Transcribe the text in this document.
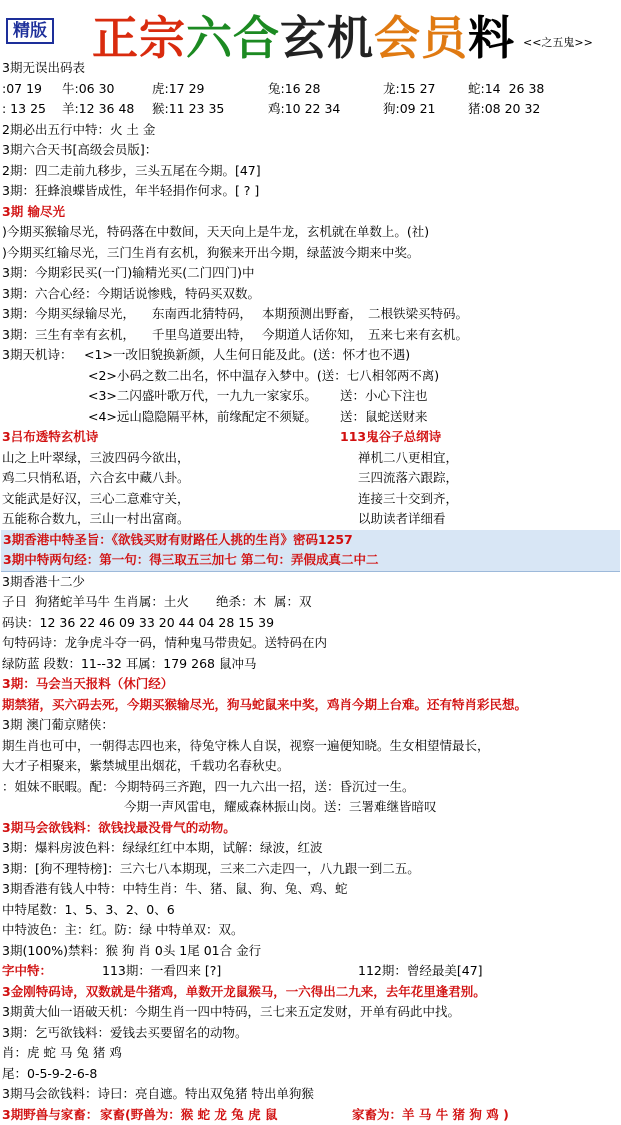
精版 正宗六合玄机会员料 <<之五鬼>>
3期无误出码表
:07 19 牛:06 30	虎:17 29	兔:16 28	龙:15 27	蛇:14  26 38
: 13 25 羊:12 36 48 猴:11 23 35	鸡:10 22 34	狗:09 21	猪:08 20 32
2期必出五行中特：火 土 金
3期六合天书[高级会员版]：
2期：四二走前九移步，三头五尾在今期。[47]
3期：狂蜂浪蝶皆成性，年半轻捐作何求。[ ? ]
3期 输尽光
)今期买猴输尽光，特码落在中数间，天天向上是牛龙，玄机就在单数上。(社)
)今期买红输尽光，三门生肖有玄机，狗猴来开出今期，绿蓝波今期来中奖。
3期：今期彩民买(一门)输精光买(二门四门)中
3期：六合心经：今期话说惨贱，特码买双数。
3期：今期买绿输尽光， 东南西北猜特码， 本期预测出野畜， 二根铁梁买特码。
3期：三生有幸有玄机， 千里鸟道要出特， 今期道人话你知， 五来七来有玄机。
3期天机诗： <1>一改旧貌换新颜，人生何日能及此。(送：怀才也不遇)
<2>小码之数二出名，怀中温存入梦中。(送：七八相邻两不离)
<3>二闪盛叶歌万代，一九九一家家乐。 送：小心下注也
<4>远山隐隐隔平林，前缘配定不须疑。 送：鼠蛇送财来
3吕布透特玄机诗	113鬼谷子总纲诗
山之上叶翠绿，三波四码今欲出，	禅机二八更相宜，
鸡二只悄私语，六合玄中藏八卦。	三四流落六跟踪，
文能武是好汉，三心二意难守关，	连接三十交到齐，
五能称合数九，三山一村出富商。	以助读者详细看
3期香港中特圣旨：《欲钱买财有财路任人挑的生肖》密码1257
3期中特两句经：第一句：得三取五三加七 第二句：弄假成真二中二
3期香港十二少
子日  狗猪蛇羊马牛 生肖属：土火 绝杀：木  属：双
码诀：12 36 22 46 09 33 20 44 04 28 15 39
句特码诗：龙争虎斗夺一码，情种鬼马带贵妃。送特码在内
绿防蓝 段数：11--32 耳属：179 268 鼠冲马
3期：马会当天报料（休门经）
期禁猪，买六码去死，今期买猴输尽光，狗马蛇鼠来中奖，鸡肖今期上台难。还有特肖彩民想。
3期 澳门葡京赌侠：
期生肖也可中，一朝得志四也来，待兔守株人自误，视察一遍便知晓。生女相望情最长，
大才子相聚来，紫禁城里出烟花，千载功名春秋史。
：姐妹不眠暇。配：今期特码三齐跑，四一九六出一招，送：昏沉过一生。
今期一声风雷电，耀威森林振山岗。送：三署难继皆暗叹
3期马会欲钱料：欲钱找最没骨气的动物。
3期：爆料房波色料：绿绿红红中本期，试解：绿波，红波
3期：[狗不理特榜]：三六七八本期现，三来二六走四一，八九跟一到二五。
3期香港有钱人中特：中特生肖：牛、猪、鼠、狗、兔、鸡、蛇
中特尾数：1、5、3、2、0、6
中特波色：主：红。防：绿 中特单双：双。
3期(100%)禁料：猴 狗 肖 0头 1尾 01合 金行
字中特：	113期：一看四来 [?]	112期：曾经最美[47]
3金刚特码诗，双数就是牛猪鸡，单数开龙鼠猴马，一六得出二九来，去年花里逢君别。
3期黄大仙一语破天机：今期生肖一四中特码，三七来五定发财，开单有码此中找。
3期：乞丐欲钱料：爱钱去买要留名的动物。
肖：虎 蛇 马 兔 猪 鸡
尾：0-5-9-2-6-8
3期马会欲钱料：诗曰：亮自遮。特出双兔猪 特出单狗猴
3期野兽与家畜： 家畜(野兽为：猴 蛇 龙 兔 虎 鼠	家畜为：羊 马 牛 猪 狗 鸡 )
